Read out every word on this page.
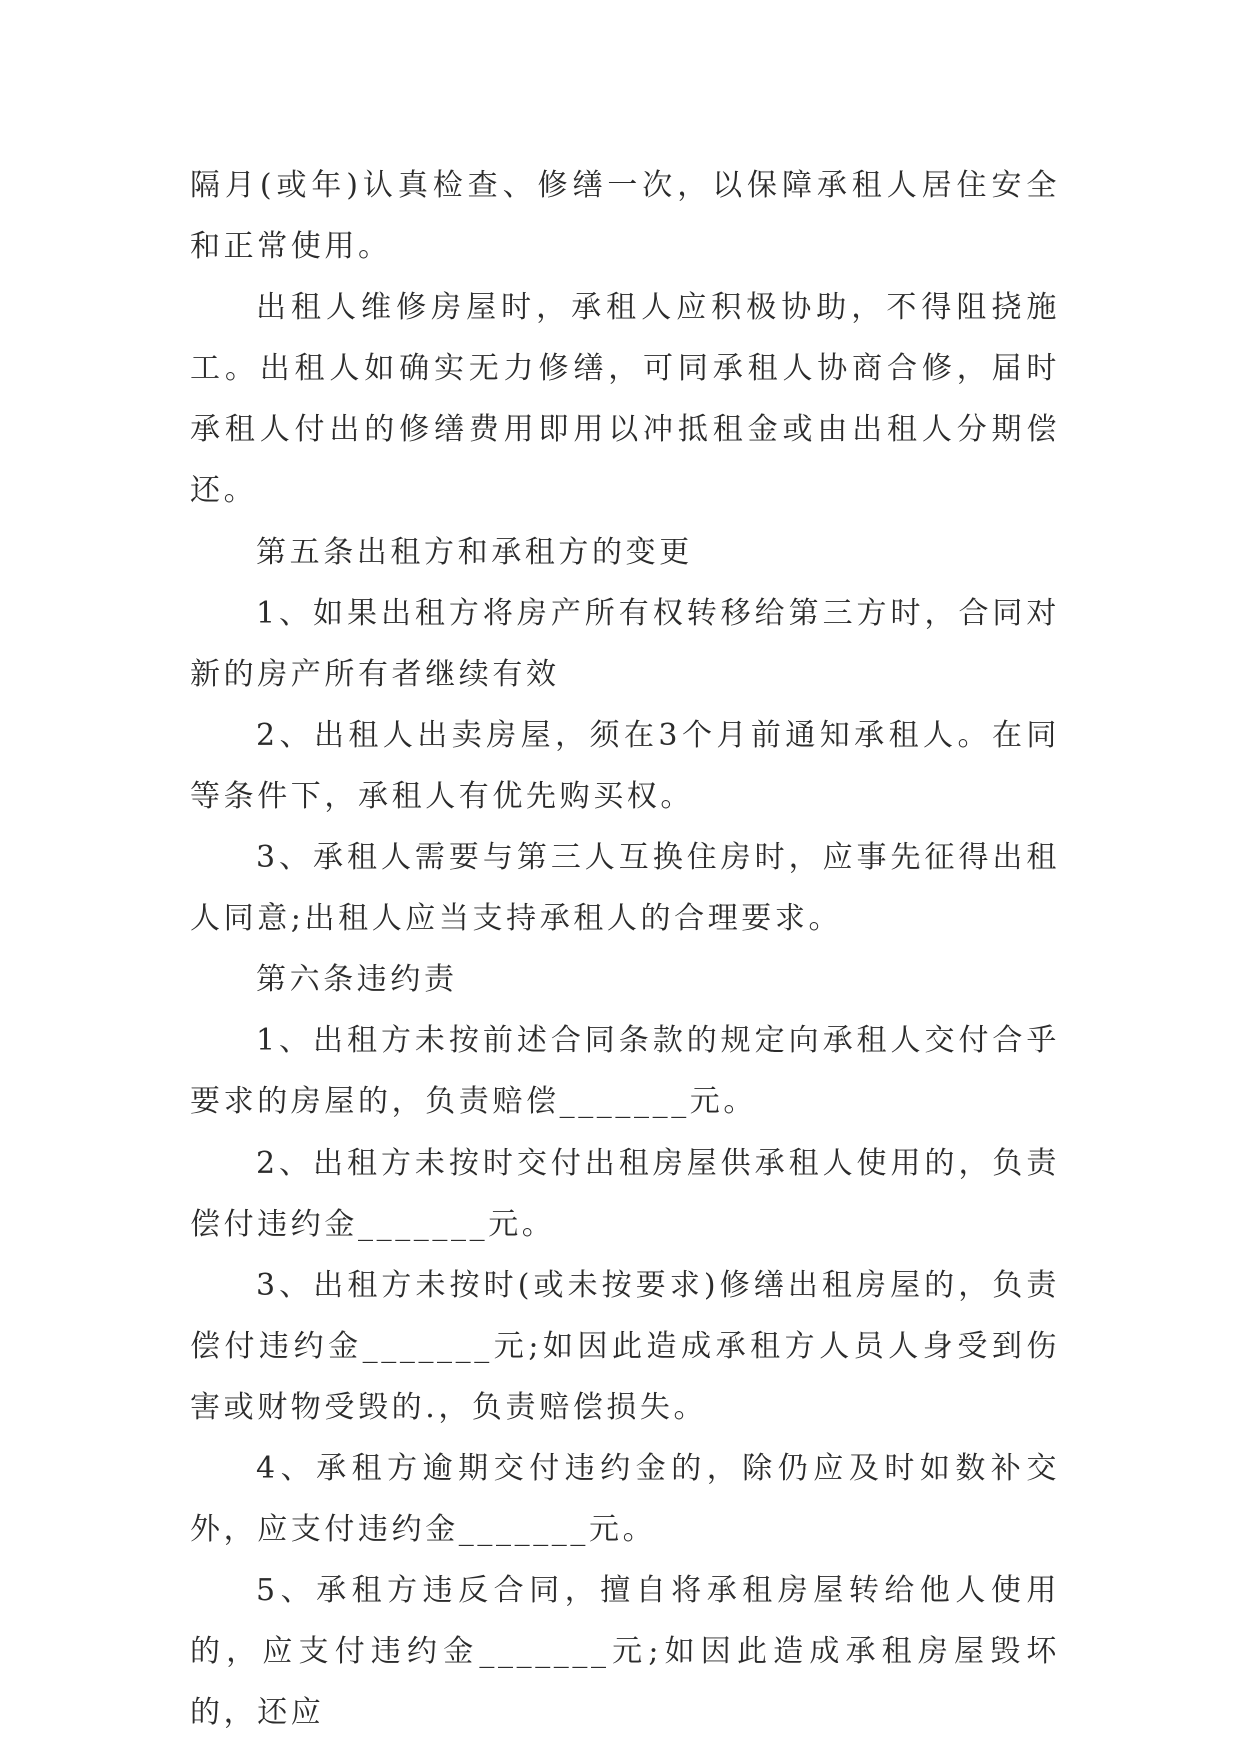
隔月(或年)认真检查、修缮一次，以保障承租人居住安全和正常使用。

出租人维修房屋时，承租人应积极协助，不得阻挠施工。出租人如确实无力修缮，可同承租人协商合修，届时承租人付出的修缮费用即用以冲抵租金或由出租人分期偿还。

第五条出租方和承租方的变更

1、如果出租方将房产所有权转移给第三方时，合同对新的房产所有者继续有效

2、出租人出卖房屋，须在3个月前通知承租人。在同等条件下，承租人有优先购买权。

3、承租人需要与第三人互换住房时，应事先征得出租人同意;出租人应当支持承租人的合理要求。

第六条违约责

1、出租方未按前述合同条款的规定向承租人交付合乎要求的房屋的，负责赔偿_______元。

2、出租方未按时交付出租房屋供承租人使用的，负责偿付违约金_______元。

3、出租方未按时(或未按要求)修缮出租房屋的，负责偿付违约金_______元;如因此造成承租方人员人身受到伤害或财物受毁的.，负责赔偿损失。

4、承租方逾期交付违约金的，除仍应及时如数补交外，应支付违约金_______元。

5、承租方违反合同，擅自将承租房屋转给他人使用的，应支付违约金_______元;如因此造成承租房屋毁坏的，还应
